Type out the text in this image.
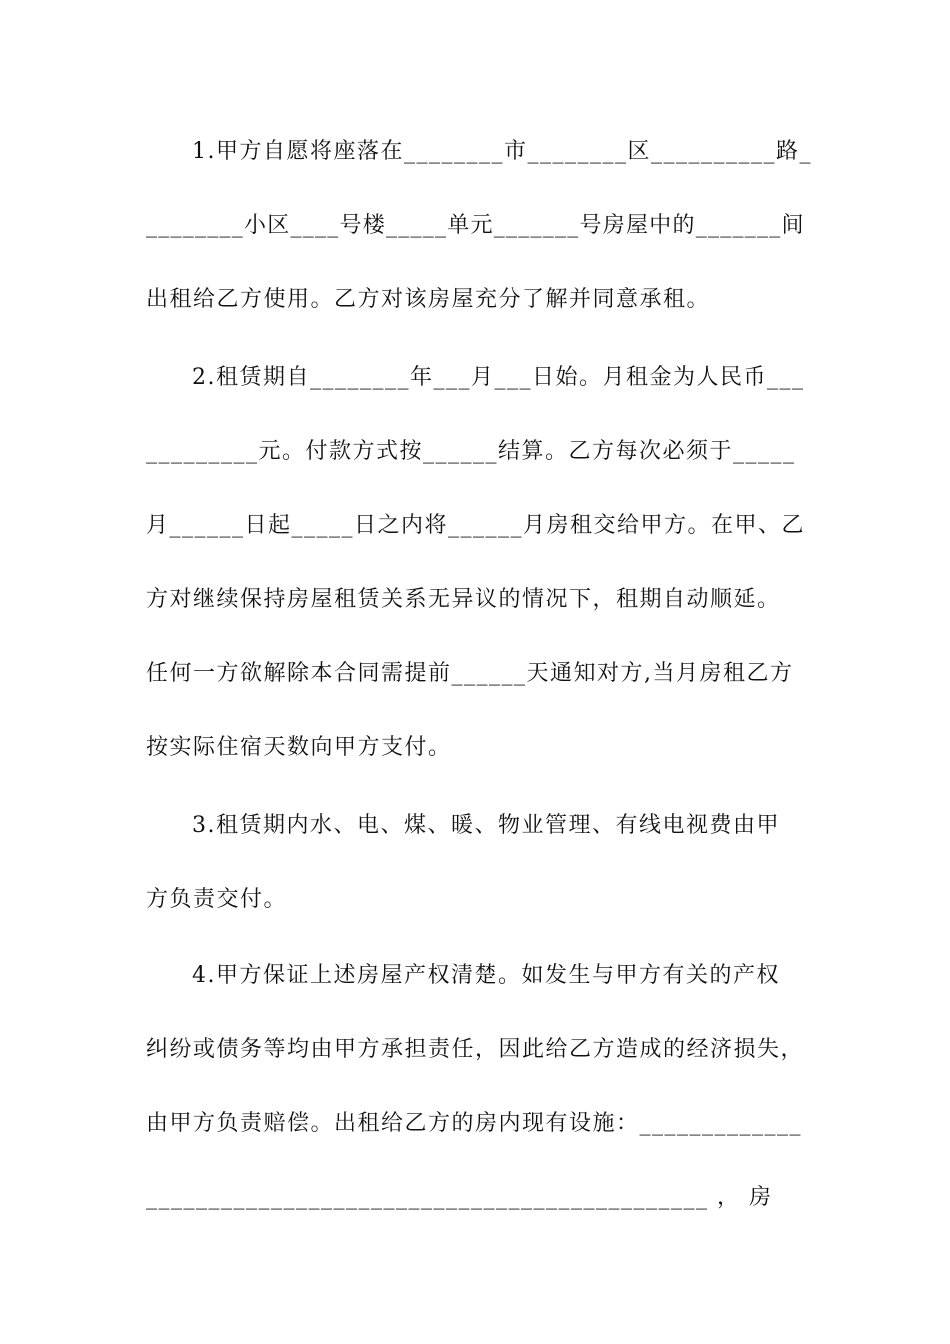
1.甲方自愿将座落在________市________区__________路_
________小区____号楼_____单元_______号房屋中的_______间
出租给乙方使用。乙方对该房屋充分了解并同意承租。
2.租赁期自________年___月___日始。月租金为人民币___
_________元。付款方式按______结算。乙方每次必须于_____
月______日起_____日之内将______月房租交给甲方。在甲、乙
方对继续保持房屋租赁关系无异议的情况下，租期自动顺延。
任何一方欲解除本合同需提前______天通知对方,当月房租乙方
按实际住宿天数向甲方支付。
3.租赁期内水、电、煤、暖、物业管理、有线电视费由甲
方负责交付。
4.甲方保证上述房屋产权清楚。如发生与甲方有关的产权
纠纷或债务等均由甲方承担责任，因此给乙方造成的经济损失，
由甲方负责赔偿。出租给乙方的房内现有设施：_____________
_____________________________________________ ， 房
